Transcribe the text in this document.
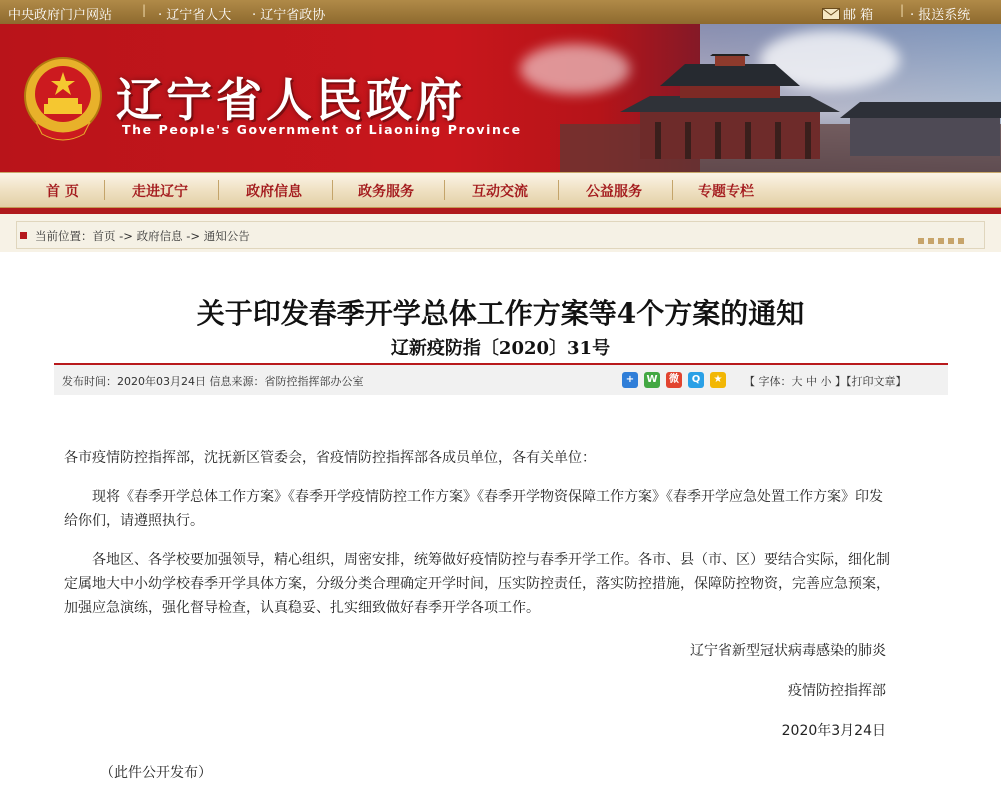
中央政府门户网站 | · 辽宁省人大 · 辽宁省政协	邮 箱 | · 报送系统
辽宁省人民政府
The People's Government of Liaoning Province
首 页	走进辽宁	政府信息	政务服务	互动交流	公益服务	专题专栏
当前位置：首页 -> 政府信息 -> 通知公告
关于印发春季开学总体工作方案等4个方案的通知
辽新疫防指〔2020〕31号
发布时间：2020年03月24日 信息来源：省防控指挥部办公室	+ W 微 Q ★	【 字体：大 中 小 】【打印文章】

各市疫情防控指挥部，沈抚新区管委会，省疫情防控指挥部各成员单位，各有关单位：

现将《春季开学总体工作方案》《春季开学疫情防控工作方案》《春季开学物资保障工作方案》《春季开学应急处置工作方案》印发给你们，请遵照执行。

各地区、各学校要加强领导，精心组织，周密安排，统筹做好疫情防控与春季开学工作。各市、县（市、区）要结合实际，细化制定属地大中小幼学校春季开学具体方案，分级分类合理确定开学时间，压实防控责任，落实防控措施，保障防控物资，完善应急预案，加强应急演练，强化督导检查，认真稳妥、扎实细致做好春季开学各项工作。

辽宁省新型冠状病毒感染的肺炎
疫情防控指挥部
2020年3月24日
（此件公开发布）
